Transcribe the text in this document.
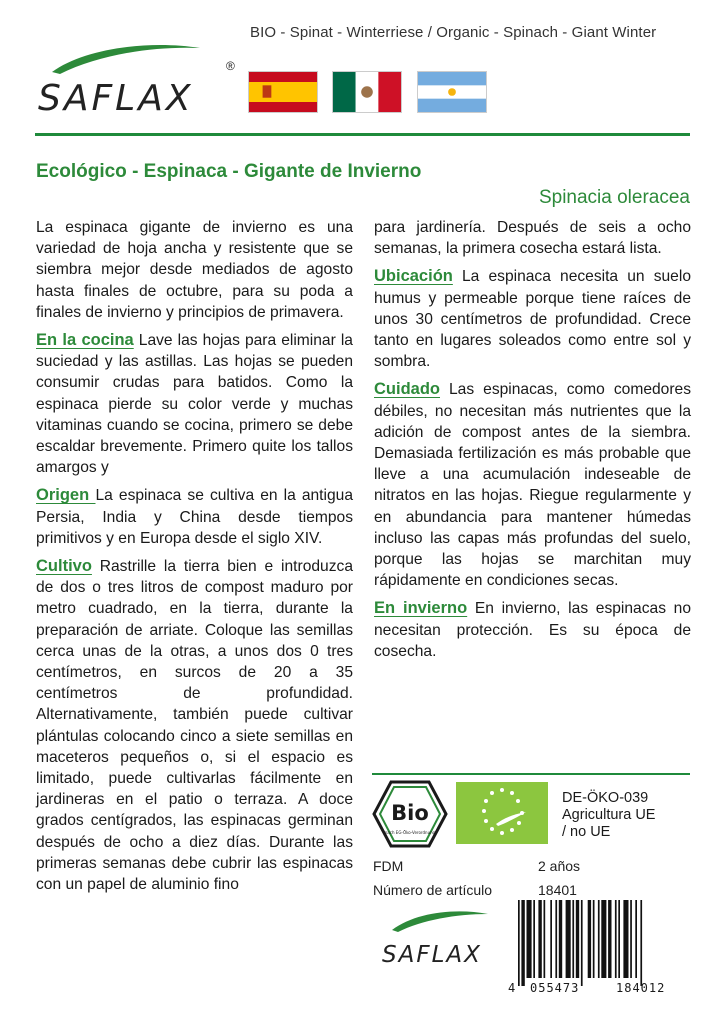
BIO - Spinat - Winterriese / Organic - Spinach - Giant Winter
SAFLAX
®
Ecológico - Espinaca - Gigante de Invierno
Spinacia oleracea

La espinaca gigante de invierno es una variedad de hoja ancha y resistente que se siembra mejor desde mediados de agosto hasta finales de octubre, para su poda a finales de invierno y principios de primavera.

En la cocina Lave las hojas para eliminar la suciedad y las astillas. Las hojas se pueden consumir crudas para batidos. Como la espinaca pierde su color verde y muchas vitaminas cuando se cocina, primero se debe escaldar brevemente. Primero quite los tallos amargos y

Origen La espinaca se cultiva en la antigua Persia, India y China desde tiempos primitivos y en Europa desde el siglo XIV.

Cultivo Rastrille la tierra bien e introduzca de dos o tres litros de compost maduro por metro cuadrado, en la tierra, durante la preparación de arriate. Coloque las semillas cerca unas de la otras, a unos dos 0 tres centímetros, en surcos de 20 a 35 centímetros de profundidad. Alternativamente, también puede cultivar plántulas colocando cinco a siete semillas en maceteros pequeños o, si el espacio es limitado, puede cultivarlas fácilmente en jardineras en el patio o terraza. A doce grados centígrados, las espinacas germinan después de ocho a diez días. Durante las primeras semanas debe cubrir las espinacas con un papel de aluminio fino

para jardinería. Después de seis a ocho semanas, la primera cosecha estará lista.

Ubicación La espinaca necesita un suelo humus y permeable porque tiene raíces de unos 30 centímetros de profundidad. Crece tanto en lugares soleados como entre sol y sombra.

Cuidado Las espinacas, como comedores débiles, no necesitan más nutrientes que la adición de compost antes de la siembra. Demasiada fertilización es más probable que lleve a una acumulación indeseable de nitratos en las hojas. Riegue regularmente y en abundancia para mantener húmedas incluso las capas más profundas del suelo, porque las hojas se marchitan muy rápidamente en condiciones secas.

En invierno En invierno, las espinacas no necesitan protección. Es su época de cosecha.

Bio
nach EG-Öko-Verordnung
DE-ÖKO-039
Agricultura UE
/ no UE
FDM	2 años
Número de artículo	18401
SAFLAX
4 055473	184012
